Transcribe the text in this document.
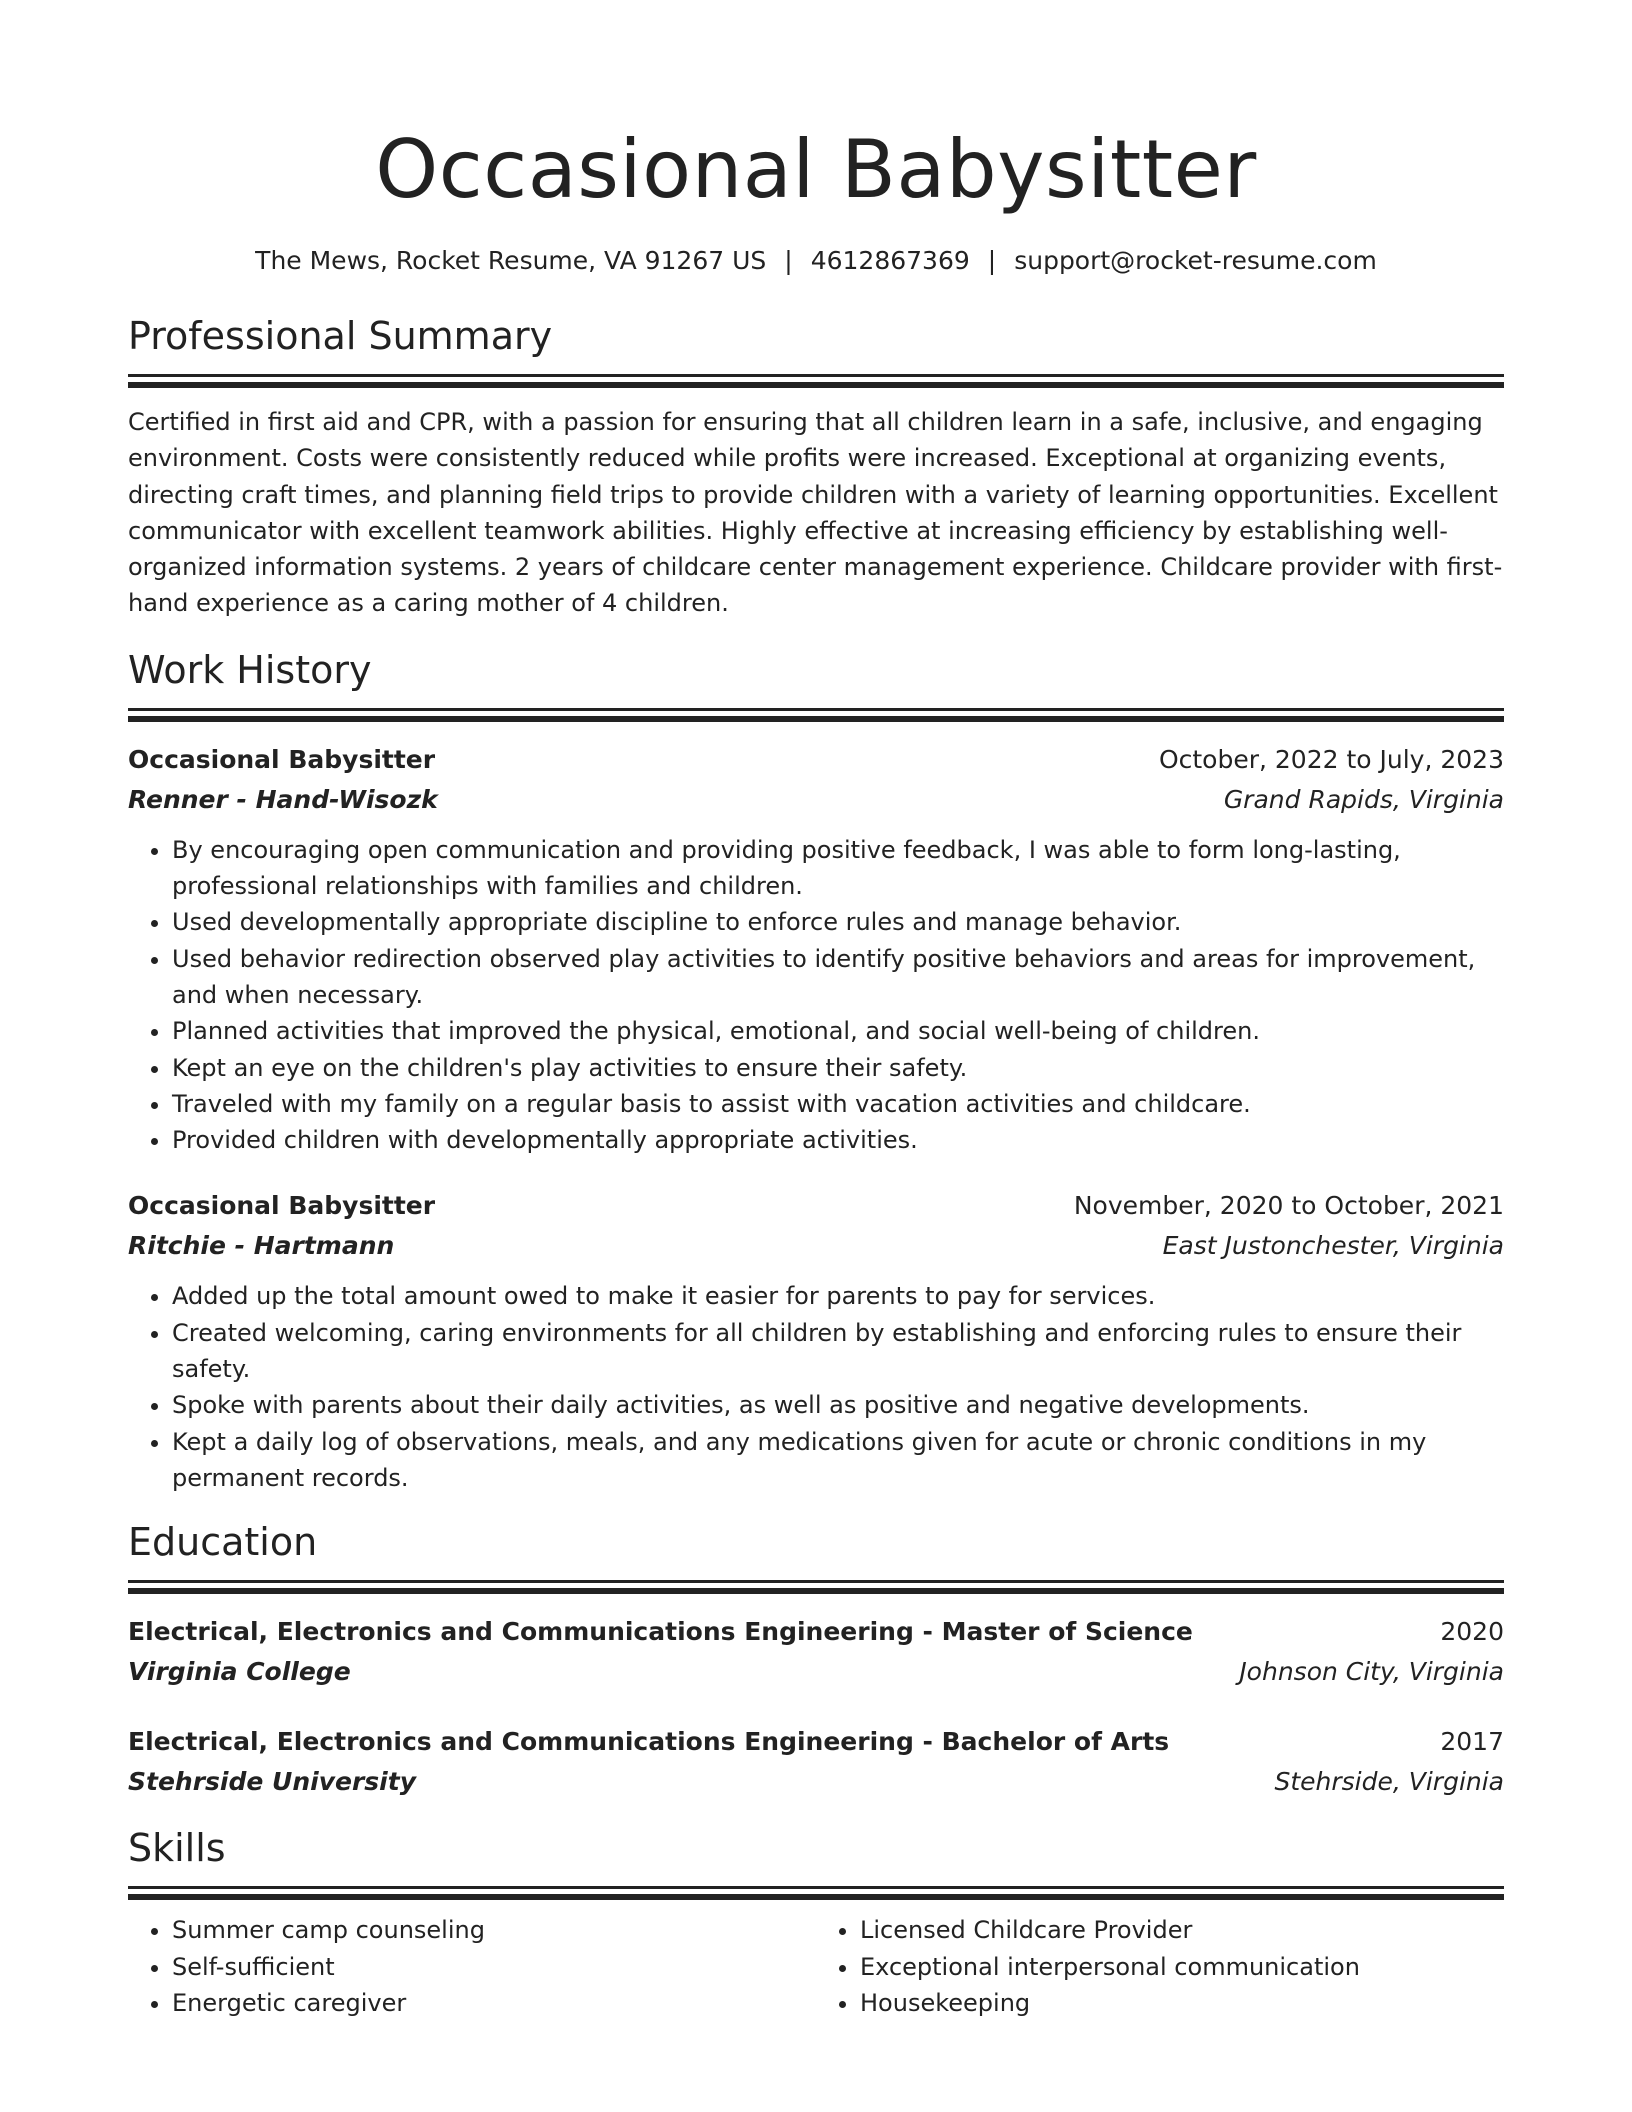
Occasional Babysitter
The Mews, Rocket Resume, VA 91267 US | 4612867369 | support@rocket-resume.com
Professional Summary
Certified in first aid and CPR, with a passion for ensuring that all children learn in a safe, inclusive, and engaging environment. Costs were consistently reduced while profits were increased. Exceptional at organizing events, directing craft times, and planning field trips to provide children with a variety of learning opportunities. Excellent communicator with excellent teamwork abilities. Highly effective at increasing efficiency by establishing well-organized information systems. 2 years of childcare center management experience. Childcare provider with first-hand experience as a caring mother of 4 children.
Work History
Occasional Babysitter	October, 2022 to July, 2023
Renner - Hand-Wisozk	Grand Rapids, Virginia
• By encouraging open communication and providing positive feedback, I was able to form long-lasting, professional relationships with families and children.
• Used developmentally appropriate discipline to enforce rules and manage behavior.
• Used behavior redirection observed play activities to identify positive behaviors and areas for improvement, and when necessary.
• Planned activities that improved the physical, emotional, and social well-being of children.
• Kept an eye on the children's play activities to ensure their safety.
• Traveled with my family on a regular basis to assist with vacation activities and childcare.
• Provided children with developmentally appropriate activities.
Occasional Babysitter	November, 2020 to October, 2021
Ritchie - Hartmann	East Justonchester, Virginia
• Added up the total amount owed to make it easier for parents to pay for services.
• Created welcoming, caring environments for all children by establishing and enforcing rules to ensure their safety.
• Spoke with parents about their daily activities, as well as positive and negative developments.
• Kept a daily log of observations, meals, and any medications given for acute or chronic conditions in my permanent records.
Education
Electrical, Electronics and Communications Engineering - Master of Science	2020
Virginia College	Johnson City, Virginia
Electrical, Electronics and Communications Engineering - Bachelor of Arts	2017
Stehrside University	Stehrside, Virginia
Skills
• Summer camp counseling
• Self-sufficient
• Energetic caregiver
• Licensed Childcare Provider
• Exceptional interpersonal communication
• Housekeeping
